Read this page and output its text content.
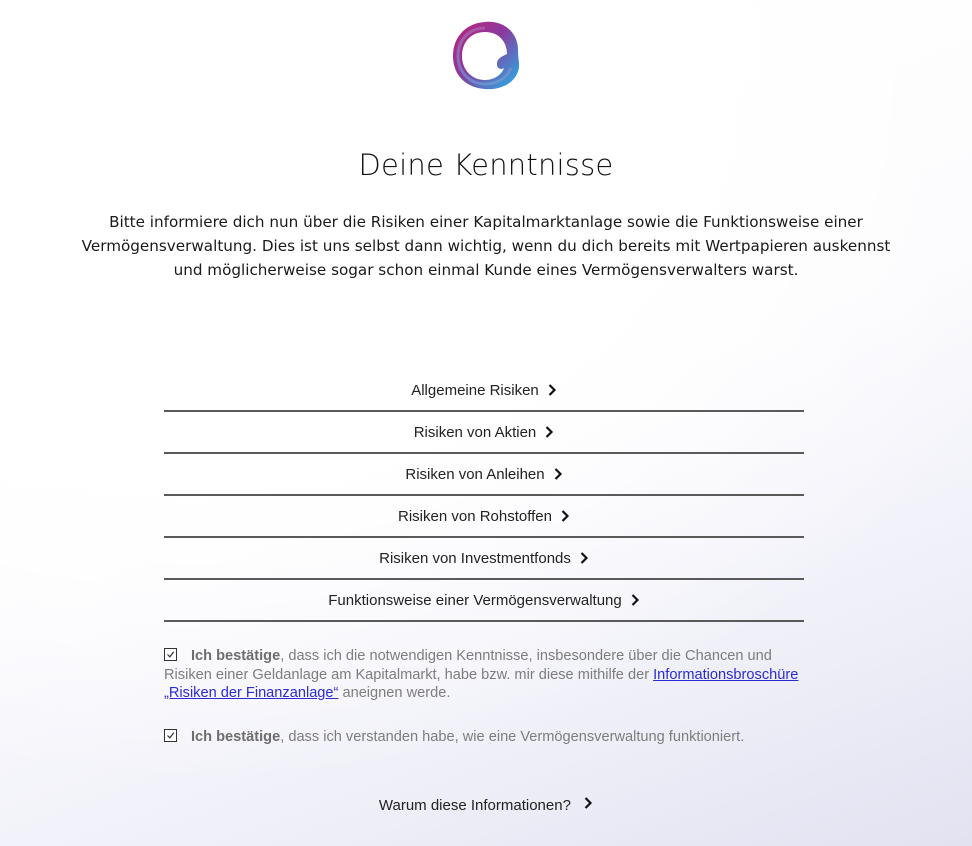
Deine Kenntnisse
Bitte informiere dich nun über die Risiken einer Kapitalmarktanlage sowie die Funktionsweise einer Vermögensverwaltung. Dies ist uns selbst dann wichtig, wenn du dich bereits mit Wertpapieren auskennst und möglicherweise sogar schon einmal Kunde eines Vermögensverwalters warst.
Allgemeine Risiken
Risiken von Aktien
Risiken von Anleihen
Risiken von Rohstoffen
Risiken von Investmentfonds
Funktionsweise einer Vermögensverwaltung
Ich bestätige, dass ich die notwendigen Kenntnisse, insbesondere über die Chancen und Risiken einer Geldanlage am Kapitalmarkt, habe bzw. mir diese mithilfe der Informationsbroschüre „Risiken der Finanzanlage“ aneignen werde.
Ich bestätige, dass ich verstanden habe, wie eine Vermögensverwaltung funktioniert.
Warum diese Informationen?
